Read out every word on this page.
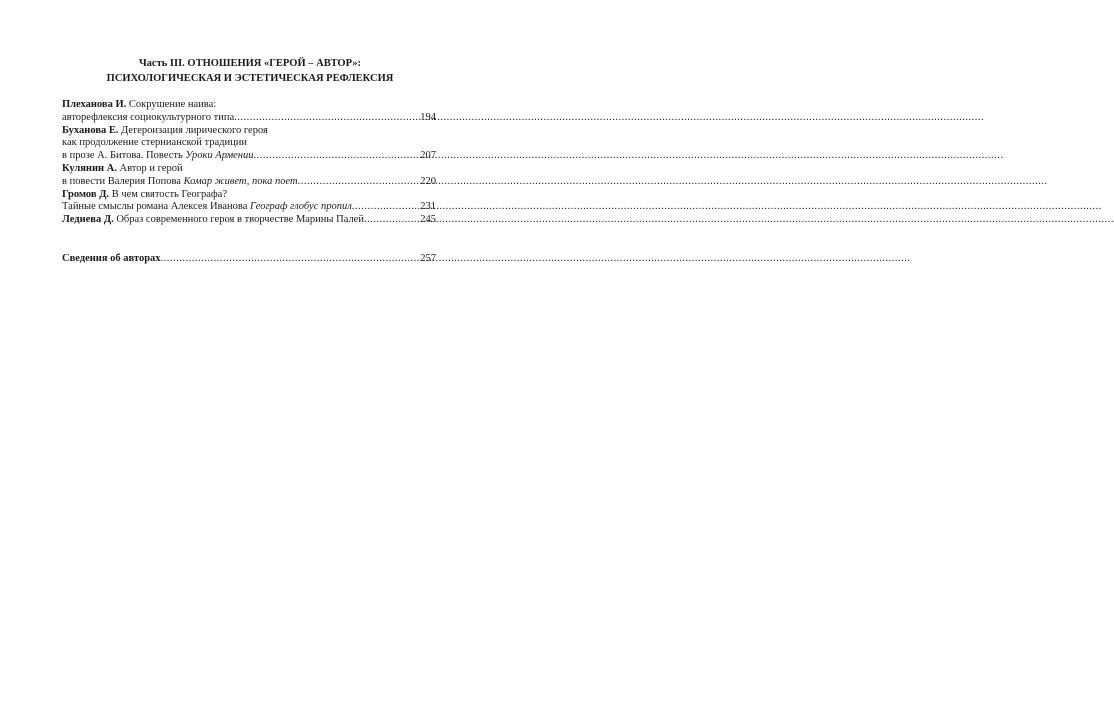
Часть III. ОТНОШЕНИЯ «ГЕРОЙ – АВТОР»:
ПСИХОЛОГИЧЕСКАЯ И ЭСТЕТИЧЕСКАЯ РЕФЛЕКСИЯ
Плеханова И. Сокрушение наива:
авторефлексия социокультурного типа .....	194
Буханова Е. Дегероизация лирического героя
как продолжение стернианской традиции
в прозе А. Битова. Повесть Уроки Армении .....	207
Кулянин А. Автор и герой
в повести Валерия Попова Комар живет, пока поет .....	220
Громов Д. В чем святость Географа?
Тайные смыслы романа Алексея Иванова Географ глобус пропил .....	231
Леднева Д. Образ современного героя в творчестве Марины Палей .....	245
Сведения об авторах .....	257
